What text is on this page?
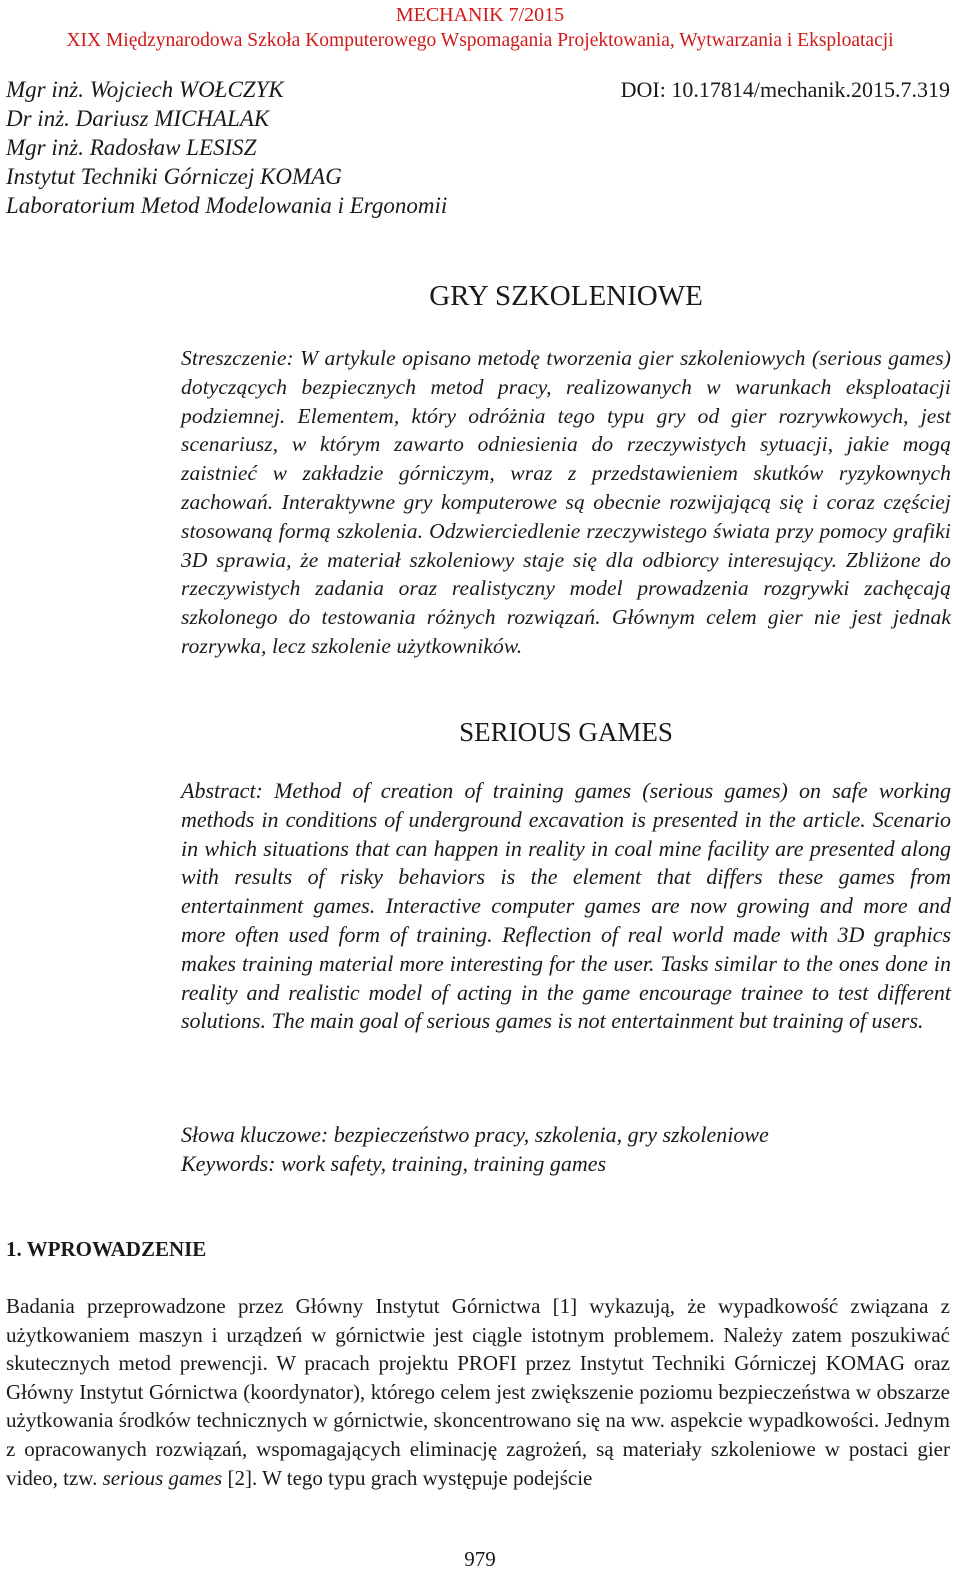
MECHANIK 7/2015
XIX Międzynarodowa Szkoła Komputerowego Wspomagania Projektowania, Wytwarzania i Eksploatacji
Mgr inż. Wojciech WOŁCZYK
Dr inż. Dariusz MICHALAK
Mgr inż. Radosław LESISZ
Instytut Techniki Górniczej KOMAG
Laboratorium Metod Modelowania i Ergonomii
DOI: 10.17814/mechanik.2015.7.319
GRY SZKOLENIOWE
Streszczenie: W artykule opisano metodę tworzenia gier szkoleniowych (serious games) dotyczących bezpiecznych metod pracy, realizowanych w warunkach eksploatacji podziemnej. Elementem, który odróżnia tego typu gry od gier rozrywkowych, jest scenariusz, w którym zawarto odniesienia do rzeczywistych sytuacji, jakie mogą zaistnieć w zakładzie górniczym, wraz z przedstawieniem skutków ryzykownych zachowań. Interaktywne gry komputerowe są obecnie rozwijającą się i coraz częściej stosowaną formą szkolenia. Odzwierciedlenie rzeczywistego świata przy pomocy grafiki 3D sprawia, że materiał szkoleniowy staje się dla odbiorcy interesujący. Zbliżone do rzeczywistych zadania oraz realistyczny model prowadzenia rozgrywki zachęcają szkolonego do testowania różnych rozwiązań. Głównym celem gier nie jest jednak rozrywka, lecz szkolenie użytkowników.
SERIOUS GAMES
Abstract: Method of creation of training games (serious games) on safe working methods in conditions of underground excavation is presented in the article. Scenario in which situations that can happen in reality in coal mine facility are presented along with results of risky behaviors is the element that differs these games from entertainment games. Interactive computer games are now growing and more and more often used form of training. Reflection of real world made with 3D graphics makes training material more interesting for the user. Tasks similar to the ones done in reality and realistic model of acting in the game encourage trainee to test different solutions. The main goal of serious games is not entertainment but training of users.
Słowa kluczowe: bezpieczeństwo pracy, szkolenia, gry szkoleniowe
Keywords: work safety, training, training games
1. WPROWADZENIE
Badania przeprowadzone przez Główny Instytut Górnictwa [1] wykazują, że wypadkowość związana z użytkowaniem maszyn i urządzeń w górnictwie jest ciągle istotnym problemem. Należy zatem poszukiwać skutecznych metod prewencji. W pracach projektu PROFI przez Instytut Techniki Górniczej KOMAG oraz Główny Instytut Górnictwa (koordynator), którego celem jest zwiększenie poziomu bezpieczeństwa w obszarze użytkowania środków technicznych w górnictwie, skoncentrowano się na ww. aspekcie wypadkowości. Jednym z opracowanych rozwiązań, wspomagających eliminację zagrożeń, są materiały szkoleniowe w postaci gier video, tzw. serious games [2]. W tego typu grach występuje podejście
979
